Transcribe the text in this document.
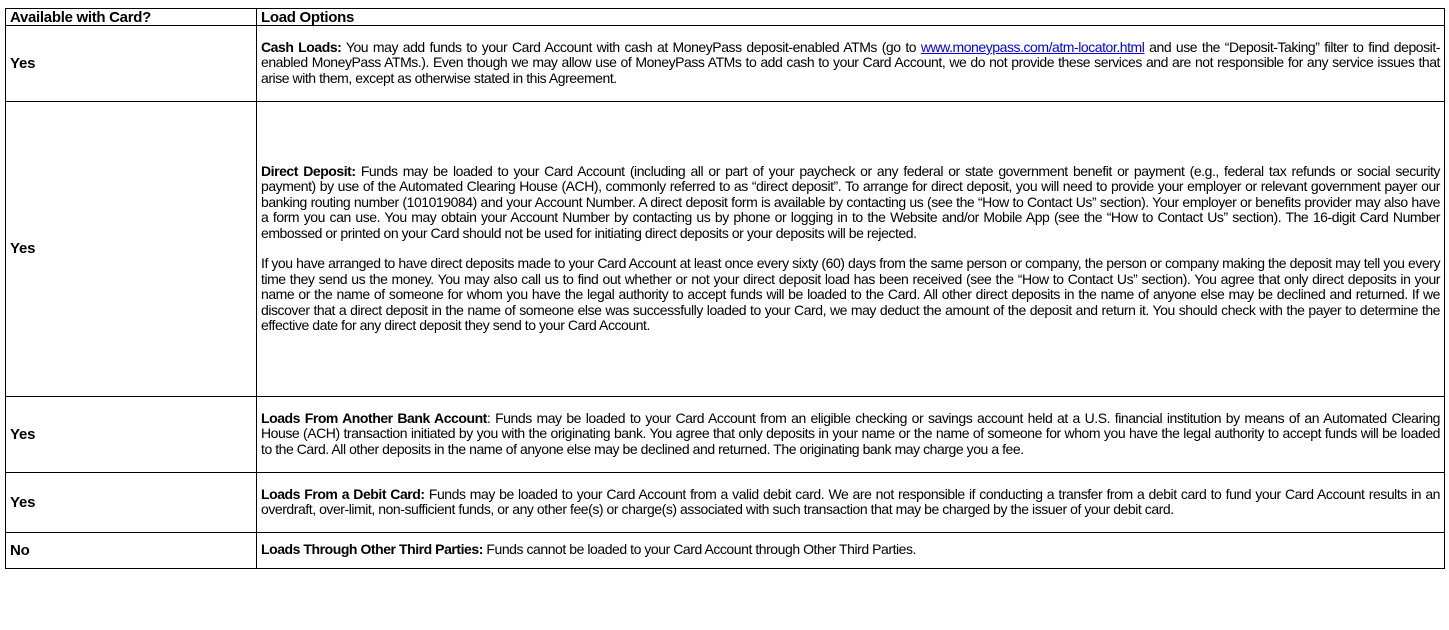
Available with Card?	Load Options
Yes	Cash Loads: You may add funds to your Card Account with cash at MoneyPass deposit-enabled ATMs (go to www.moneypass.com/atm-locator.html and use the “Deposit-Taking” filter to find deposit-enabled MoneyPass ATMs.). Even though we may allow use of MoneyPass ATMs to add cash to your Card Account, we do not provide these services and are not responsible for any service issues that arise with them, except as otherwise stated in this Agreement.

Yes	Direct Deposit: Funds may be loaded to your Card Account (including all or part of your paycheck or any federal or state government benefit or payment (e.g., federal tax refunds or social security payment) by use of the Automated Clearing House (ACH), commonly referred to as “direct deposit”. To arrange for direct deposit, you will need to provide your employer or relevant government payer our banking routing number (101019084) and your Account Number. A direct deposit form is available by contacting us (see the “How to Contact Us” section). Your employer or benefits provider may also have a form you can use. You may obtain your Account Number by contacting us by phone or logging in to the Website and/or Mobile App (see the “How to Contact Us” section). The 16-digit Card Number embossed or printed on your Card should not be used for initiating direct deposits or your deposits will be rejected.

If you have arranged to have direct deposits made to your Card Account at least once every sixty (60) days from the same person or company, the person or company making the deposit may tell you every time they send us the money. You may also call us to find out whether or not your direct deposit load has been received (see the “How to Contact Us” section). You agree that only direct deposits in your name or the name of someone for whom you have the legal authority to accept funds will be loaded to the Card. All other direct deposits in the name of anyone else may be declined and returned. If we discover that a direct deposit in the name of someone else was successfully loaded to your Card, we may deduct the amount of the deposit and return it. You should check with the payer to determine the effective date for any direct deposit they send to your Card Account.

Yes	Loads From Another Bank Account: Funds may be loaded to your Card Account from an eligible checking or savings account held at a U.S. financial institution by means of an Automated Clearing House (ACH) transaction initiated by you with the originating bank. You agree that only deposits in your name or the name of someone for whom you have the legal authority to accept funds will be loaded to the Card. All other deposits in the name of anyone else may be declined and returned. The originating bank may charge you a fee.

Yes	Loads From a Debit Card: Funds may be loaded to your Card Account from a valid debit card. We are not responsible if conducting a transfer from a debit card to fund your Card Account results in an overdraft, over-limit, non-sufficient funds, or any other fee(s) or charge(s) associated with such transaction that may be charged by the issuer of your debit card.

No	Loads Through Other Third Parties: Funds cannot be loaded to your Card Account through Other Third Parties.
